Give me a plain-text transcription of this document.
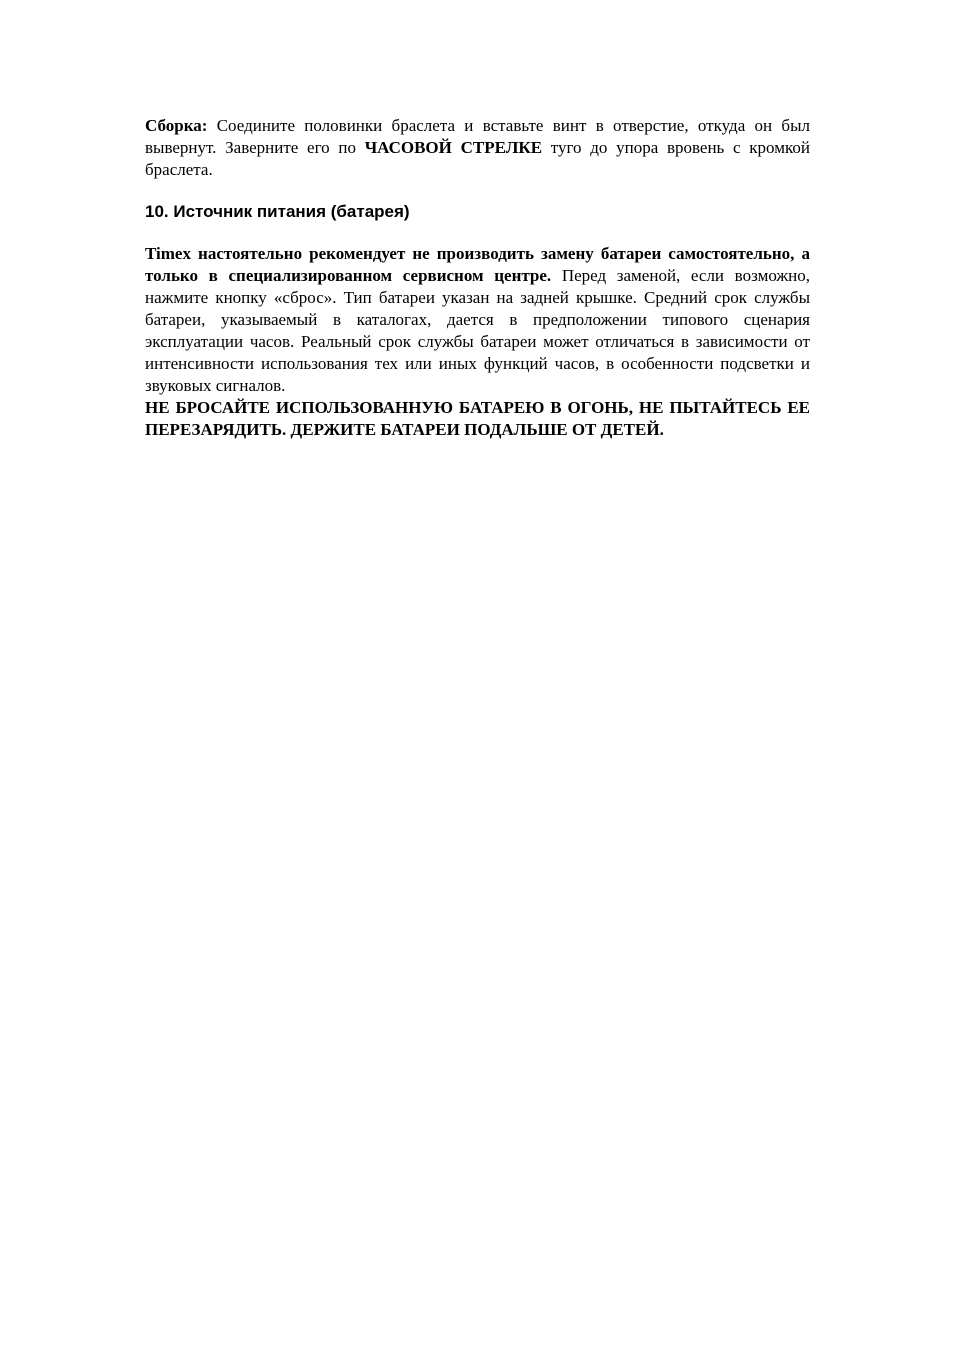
Сборка: Соедините половинки браслета и вставьте винт в отверстие, откуда он был вывернут. Заверните его по ЧАСОВОЙ СТРЕЛКЕ туго до упора вровень с кромкой браслета.

10. Источник питания (батарея)

Timex настоятельно рекомендует не производить замену батареи самостоятельно, а только в специализированном сервисном центре. Перед заменой, если возможно, нажмите кнопку «сброс». Тип батареи указан на задней крышке. Средний срок службы батареи, указываемый в каталогах, дается в предположении типового сценария эксплуатации часов. Реальный срок службы батареи может отличаться в зависимости от интенсивности использования тех или иных функций часов, в особенности подсветки и звуковых сигналов.

НЕ БРОСАЙТЕ ИСПОЛЬЗОВАННУЮ БАТАРЕЮ В ОГОНЬ, НЕ ПЫТАЙТЕСЬ ЕЕ ПЕРЕЗАРЯДИТЬ. ДЕРЖИТЕ БАТАРЕИ ПОДАЛЬШЕ ОТ ДЕТЕЙ.
